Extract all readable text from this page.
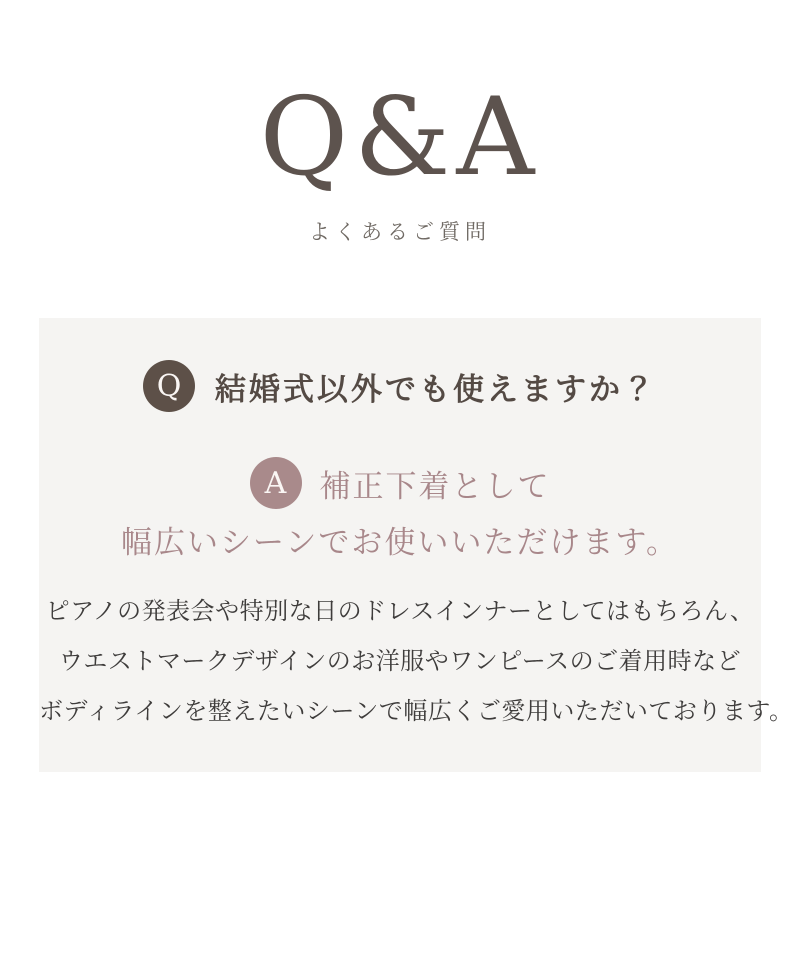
Q&A
よくあるご質問
Q	結婚式以外でも使えますか？
A	補正下着として
幅広いシーンでお使いいただけます。
ピアノの発表会や特別な日のドレスインナーとしてはもちろん、
ウエストマークデザインのお洋服やワンピースのご着用時など
ボディラインを整えたいシーンで幅広くご愛用いただいております。
